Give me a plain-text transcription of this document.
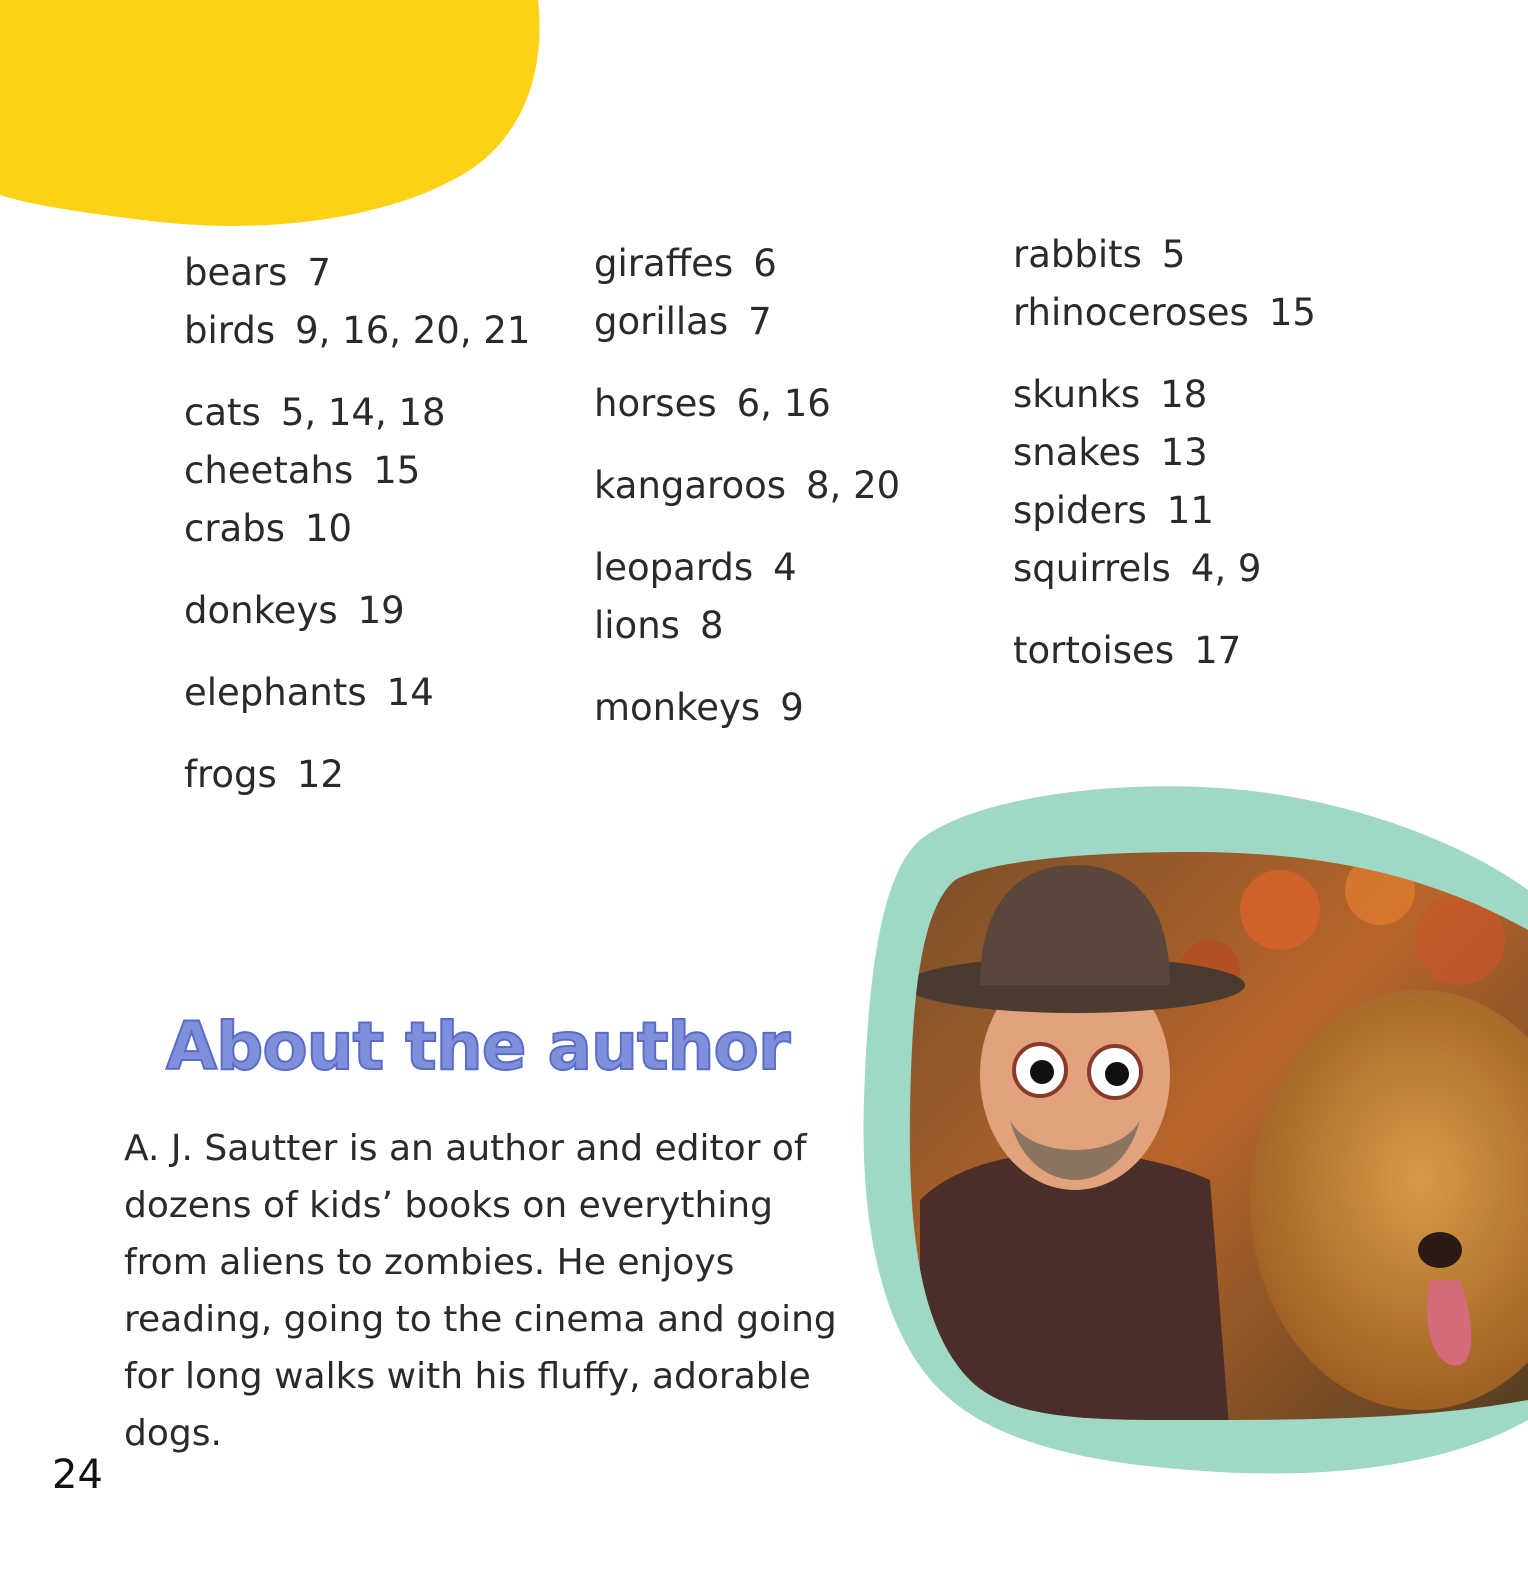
bears 7
birds 9, 16, 20, 21
cats 5, 14, 18
cheetahs 15
crabs 10
donkeys 19
elephants 14
frogs 12
giraffes 6
gorillas 7
horses 6, 16
kangaroos 8, 20
leopards 4
lions 8
monkeys 9
rabbits 5
rhinoceroses 15
skunks 18
snakes 13
spiders 11
squirrels 4, 9
tortoises 17
About the author

A. J. Sautter is an author and editor of dozens of kids’ books on everything from aliens to zombies. He enjoys reading, going to the cinema and going for long walks with his fluffy, adorable dogs.

24
